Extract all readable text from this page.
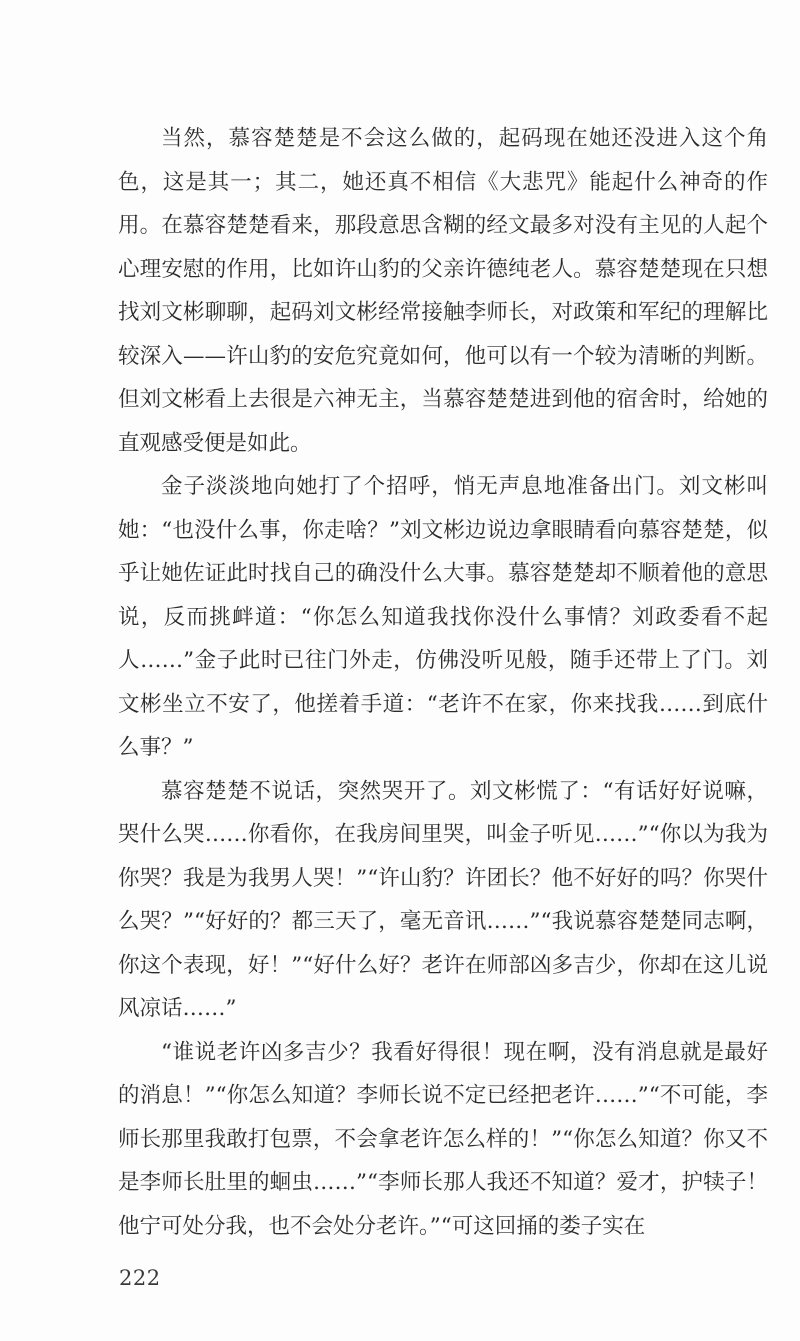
当然，慕容楚楚是不会这么做的，起码现在她还没进入这个角色，这是其一；其二，她还真不相信《大悲咒》能起什么神奇的作用。在慕容楚楚看来，那段意思含糊的经文最多对没有主见的人起个心理安慰的作用，比如许山豹的父亲许德纯老人。慕容楚楚现在只想找刘文彬聊聊，起码刘文彬经常接触李师长，对政策和军纪的理解比较深入——许山豹的安危究竟如何，他可以有一个较为清晰的判断。但刘文彬看上去很是六神无主，当慕容楚楚进到他的宿舍时，给她的直观感受便是如此。

金子淡淡地向她打了个招呼，悄无声息地准备出门。刘文彬叫她：“也没什么事，你走啥？”刘文彬边说边拿眼睛看向慕容楚楚，似乎让她佐证此时找自己的确没什么大事。慕容楚楚却不顺着他的意思说，反而挑衅道：“你怎么知道我找你没什么事情？刘政委看不起人……”金子此时已往门外走，仿佛没听见般，随手还带上了门。刘文彬坐立不安了，他搓着手道：“老许不在家，你来找我……到底什么事？”

慕容楚楚不说话，突然哭开了。刘文彬慌了：“有话好好说嘛，哭什么哭……你看你，在我房间里哭，叫金子听见……”“你以为我为你哭？我是为我男人哭！”“许山豹？许团长？他不好好的吗？你哭什么哭？”“好好的？都三天了，毫无音讯……”“我说慕容楚楚同志啊，你这个表现，好！”“好什么好？老许在师部凶多吉少，你却在这儿说风凉话……”

“谁说老许凶多吉少？我看好得很！现在啊，没有消息就是最好的消息！”“你怎么知道？李师长说不定已经把老许……”“不可能，李师长那里我敢打包票，不会拿老许怎么样的！”“你怎么知道？你又不是李师长肚里的蛔虫……”“李师长那人我还不知道？爱才，护犊子！他宁可处分我，也不会处分老许。”“可这回捅的娄子实在

222
